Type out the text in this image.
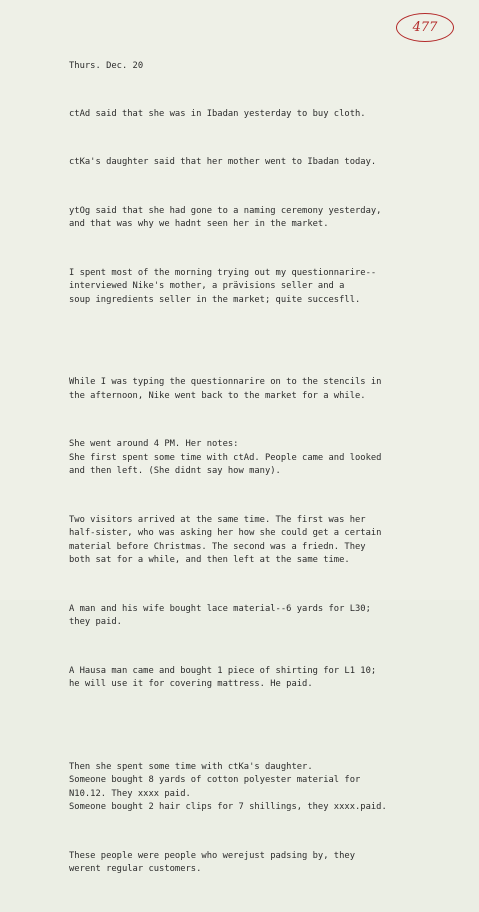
477

Thurs. Dec. 20

ctAd said that she was in Ibadan yesterday to buy cloth.

ctKa's daughter said that her mother went to Ibadan today.

ytOg said that she had gone to a naming ceremony yesterday,
and that was why we hadnt seen her in the market.

I spent most of the morning trying out my questionnarire--
interviewed Nike's mother, a prävisions seller and a
soup ingredients seller in the market; quite succesfll.

While I was typing the questionnarire on to the stencils in
the afternoon, Nike went back to the market for a while.

She went around 4 PM. Her notes:
She first spent some time with ctAd. People came and looked
and then left. (She didnt say how many).

Two visitors arrived at the same time. The first was her
half-sister, who was asking her how she could get a certain
material before Christmas. The second was a friedn. They
both sat for a while, and then left at the same time.

A man and his wife bought lace material--6 yards for L30;
they paid.

A Hausa man came and bought 1 piece of shirting for L1 10;
he will use it for covering mattress. He paid.

Then she spent some time with ctKa's daughter.
Someone bought 8 yards of cotton polyester material for
N10.12. They xxxx paid.
Someone bought 2 hair clips for 7 shillings, they xxxx.paid.

These people were people who werejust padsing by, they
werent regular customers.
